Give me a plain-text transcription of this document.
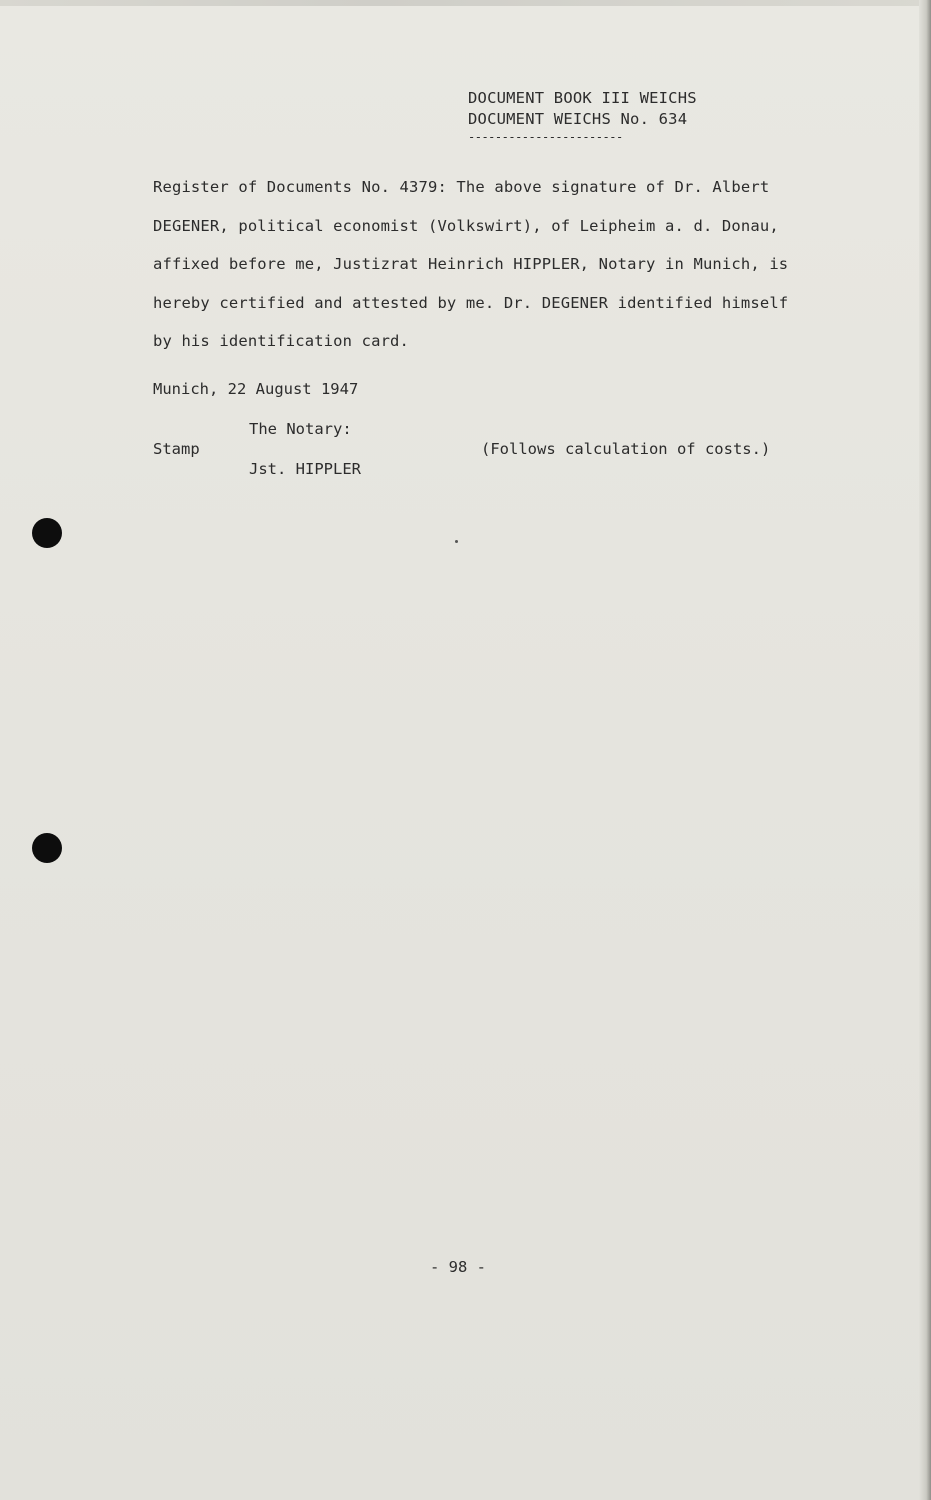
DOCUMENT BOOK III WEICHS
DOCUMENT WEICHS No. 634
-----------------------
Register of Documents No. 4379: The above signature of Dr. Albert
DEGENER, political economist (Volkswirt), of Leipheim a. d. Donau,
affixed before me, Justizrat Heinrich HIPPLER, Notary in Munich, is
hereby certified and attested by me. Dr. DEGENER identified himself
by his identification card.
Munich, 22 August 1947
The Notary:
Stamp
Jst. HIPPLER
(Follows calculation of costs.)
- 98 -
